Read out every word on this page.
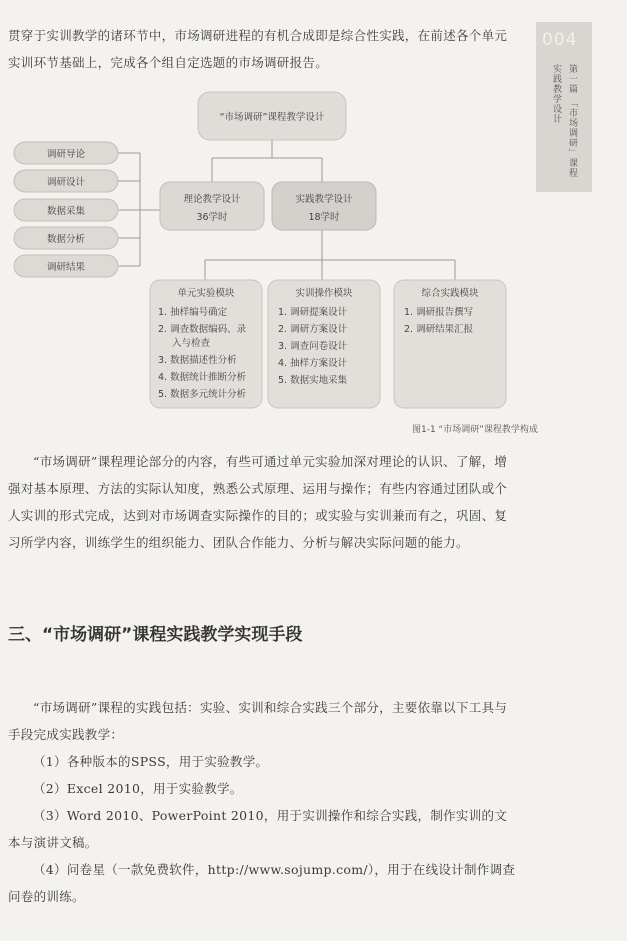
贯穿于实训教学的诸环节中，市场调研进程的有机合成即是综合性实践，在前述各个单元实训环节基础上，完成各个组自定选题的市场调研报告。

004
第一篇 「市场调研」课程
实践教学设计
“市场调研”课程教学设计
调研导论
调研设计
数据采集
数据分析
调研结果
理论教学设计
36学时
实践教学设计
18学时
单元实验模块
1. 抽样编号确定
2. 调查数据编码、录
入与检查
3. 数据描述性分析
4. 数据统计推断分析
5. 数据多元统计分析
实训操作模块
1. 调研提案设计
2. 调研方案设计
3. 调查问卷设计
4. 抽样方案设计
5. 数据实地采集
综合实践模块
1. 调研报告撰写
2. 调研结果汇报
图1-1 “市场调研”课程教学构成

“市场调研”课程理论部分的内容，有些可通过单元实验加深对理论的认识、了解，增强对基本原理、方法的实际认知度，熟悉公式原理、运用与操作；有些内容通过团队或个人实训的形式完成，达到对市场调查实际操作的目的；或实验与实训兼而有之，巩固、复习所学内容，训练学生的组织能力、团队合作能力、分析与解决实际问题的能力。

三、“市场调研”课程实践教学实现手段

“市场调研”课程的实践包括：实验、实训和综合实践三个部分，主要依靠以下工具与手段完成实践教学：

（1）各种版本的SPSS，用于实验教学。

（2）Excel 2010，用于实验教学。

（3）Word 2010、PowerPoint 2010，用于实训操作和综合实践，制作实训的文本与演讲文稿。

（4）问卷星（一款免费软件，http://www.sojump.com/），用于在线设计制作调查问卷的训练。
